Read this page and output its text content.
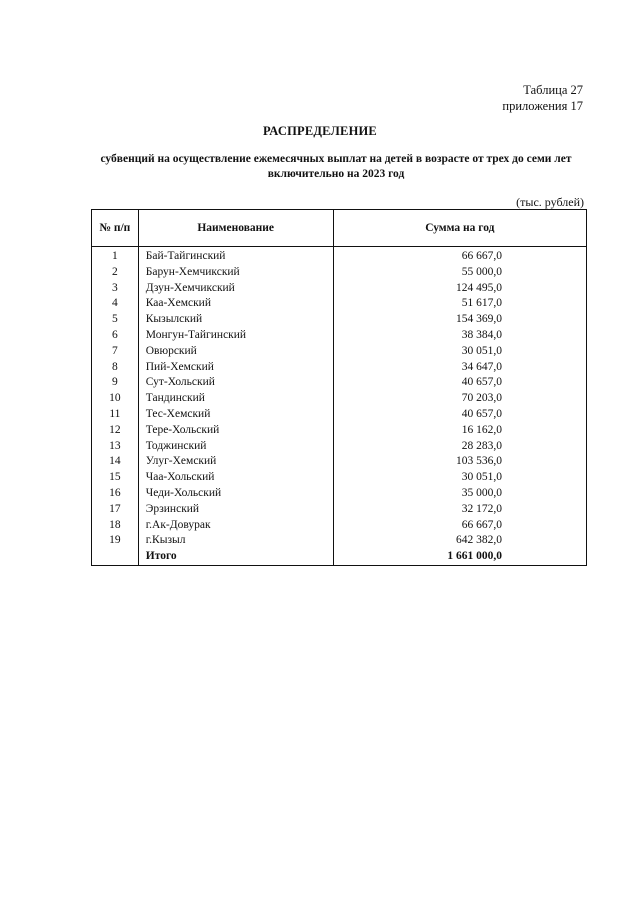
Таблица 27
приложения 17
РАСПРЕДЕЛЕНИЕ
субвенций на осуществление ежемесячных выплат на детей в возрасте от трех до семи лет
включительно на 2023 год
(тыс. рублей)
№ п/п	Наименование	Сумма на год
1	Бай-Тайгинский	66 667,0
2	Барун-Хемчикский	55 000,0
3	Дзун-Хемчикский	124 495,0
4	Каа-Хемский	51 617,0
5	Кызылский	154 369,0
6	Монгун-Тайгинский	38 384,0
7	Овюрский	30 051,0
8	Пий-Хемский	34 647,0
9	Сут-Хольский	40 657,0
10	Тандинский	70 203,0
11	Тес-Хемский	40 657,0
12	Тере-Хольский	16 162,0
13	Тоджинский	28 283,0
14	Улуг-Хемский	103 536,0
15	Чаа-Хольский	30 051,0
16	Чеди-Хольский	35 000,0
17	Эрзинский	32 172,0
18	г.Ак-Довурак	66 667,0
19	г.Кызыл	642 382,0
	Итого	1 661 000,0
